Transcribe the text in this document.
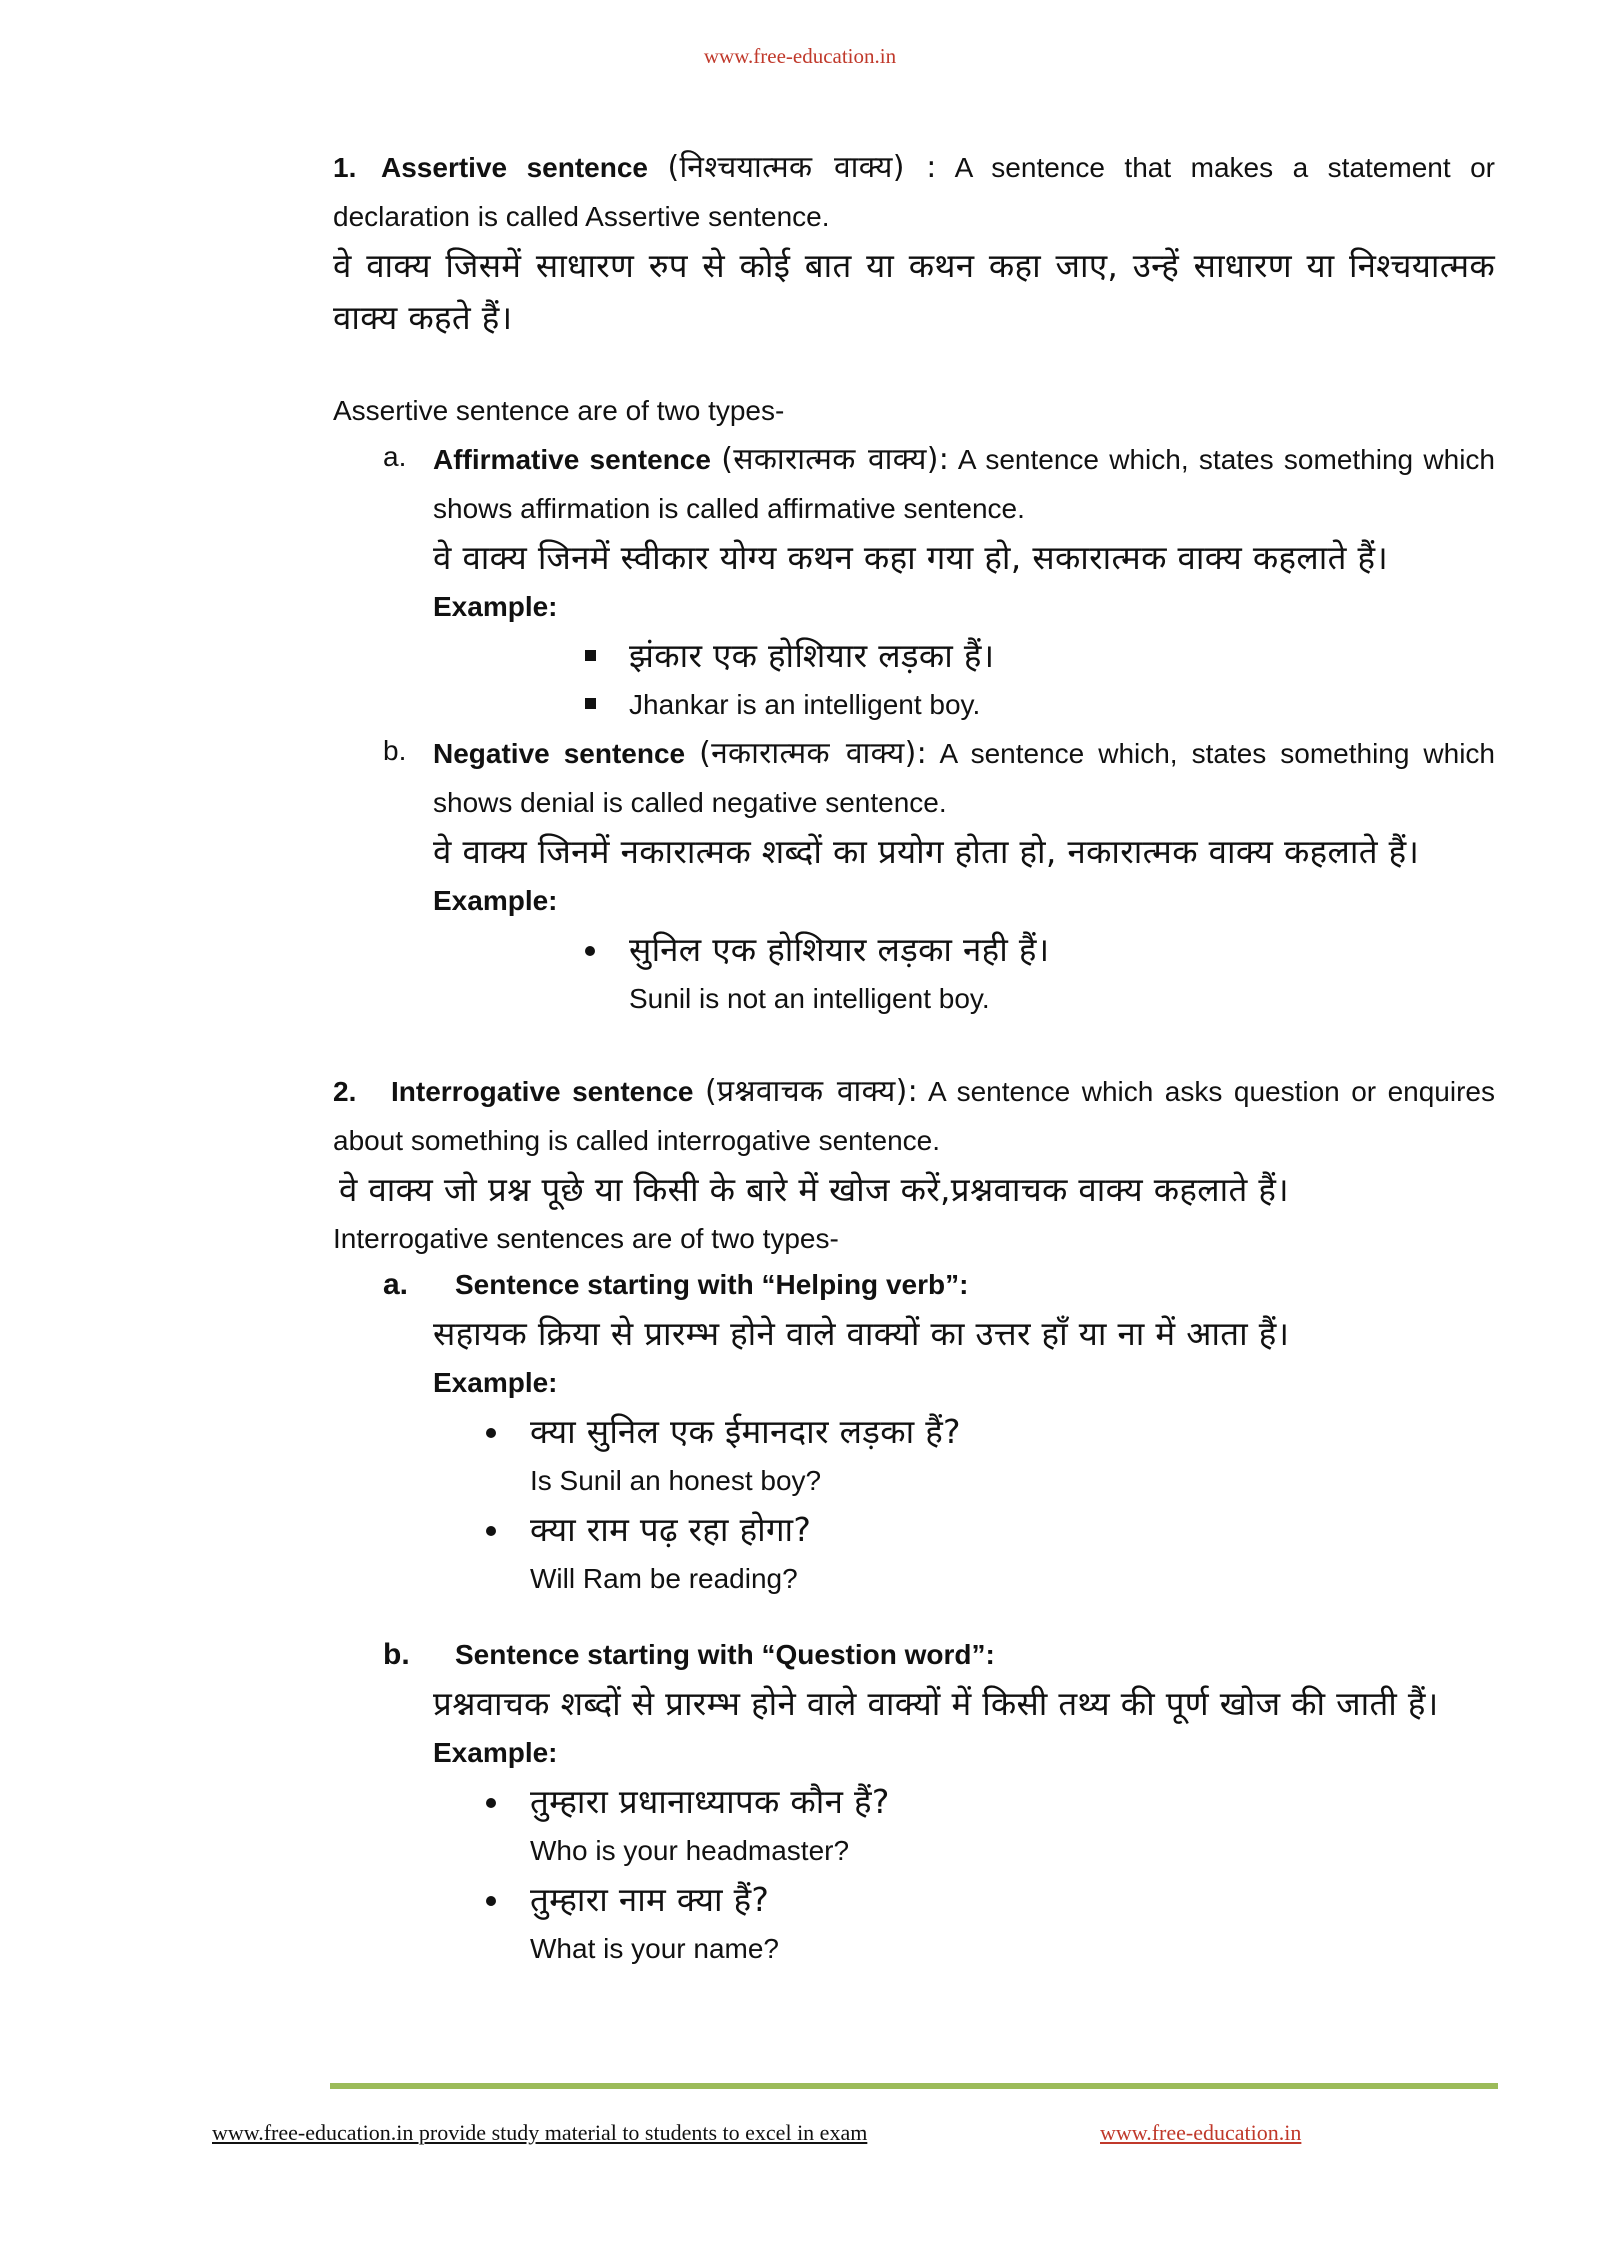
www.free-education.in

1. Assertive sentence (निश्चयात्मक वाक्य) : A sentence that makes a statement or declaration is called Assertive sentence.

वे वाक्य जिसमें साधारण रुप से कोई बात या कथन कहा जाए, उन्हें साधारण या निश्चयात्मक वाक्य कहते हैं।

Assertive sentence are of two types-

a. Affirmative sentence (सकारात्मक वाक्य): A sentence which, states something which shows affirmation is called affirmative sentence.

वे वाक्य जिनमें स्वीकार योग्य कथन कहा गया हो, सकारात्मक वाक्य कहलाते हैं।

Example:

झंकार एक होशियार लड़का हैं।
Jhankar is an intelligent boy.
b. Negative sentence (नकारात्मक वाक्य): A sentence which, states something which shows denial is called negative sentence.

वे वाक्य जिनमें नकारात्मक शब्दों का प्रयोग होता हो, नकारात्मक वाक्य कहलाते हैं।

Example:

सुनिल एक होशियार लड़का नही हैं।
Sunil is not an intelligent boy.

2. Interrogative sentence (प्रश्नवाचक वाक्य): A sentence which asks question or enquires about something is called interrogative sentence.

वे वाक्य जो प्रश्न पूछे या किसी के बारे में खोज करें,प्रश्नवाचक वाक्य कहलाते हैं।

Interrogative sentences are of two types-

a. Sentence starting with “Helping verb”:

सहायक क्रिया से प्रारम्भ होने वाले वाक्यों का उत्तर हाँ या ना में आता हैं।

Example:

क्या सुनिल एक ईमानदार लड़का हैं?
Is Sunil an honest boy?
क्या राम पढ़ रहा होगा?
Will Ram be reading?

b. Sentence starting with “Question word”:

प्रश्नवाचक शब्दों से प्रारम्भ होने वाले वाक्यों में किसी तथ्य की पूर्ण खोज की जाती हैं।

Example:

तुम्हारा प्रधानाध्यापक कौन हैं?
Who is your headmaster?
तुम्हारा नाम क्या हैं?
What is your name?
www.free-education.in provide study material to students to excel in exam	www.free-education.in
